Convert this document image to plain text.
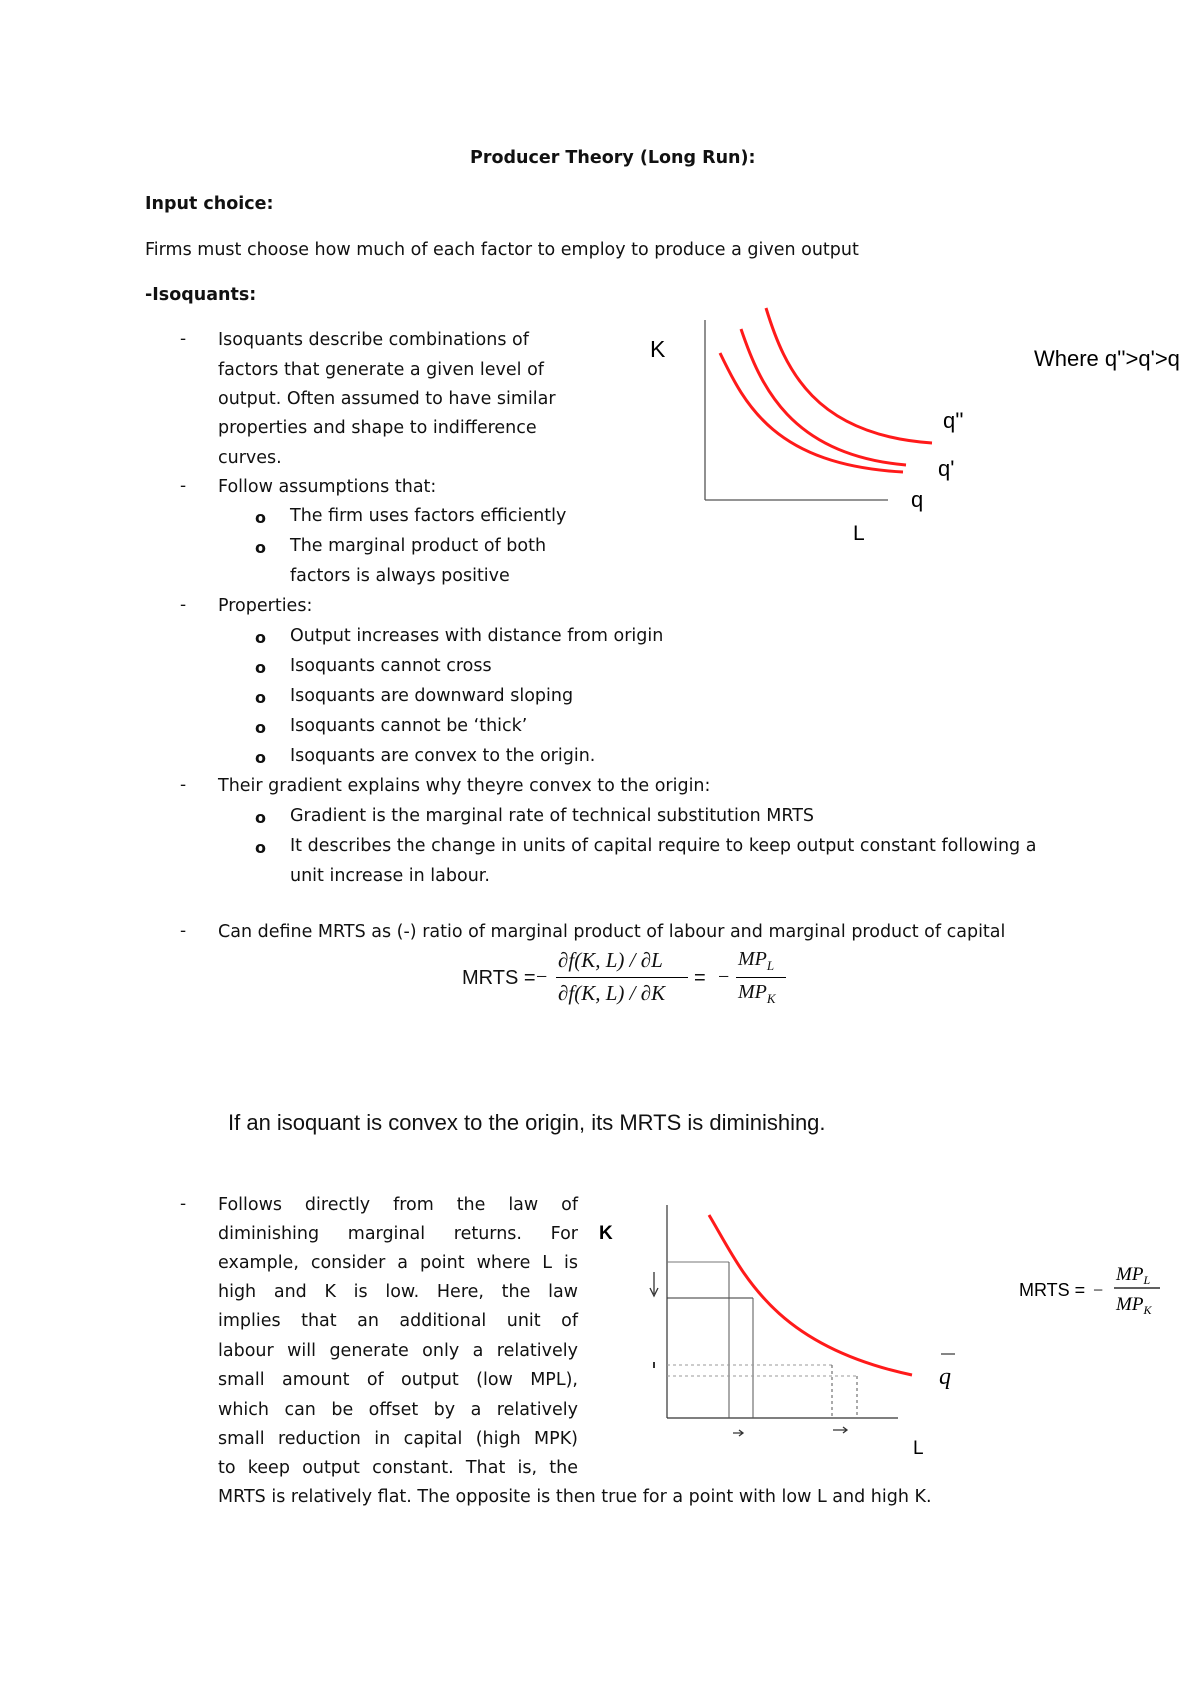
Producer Theory (Long Run):
Input choice:
Firms must choose how much of each factor to employ to produce a given output
-Isoquants:
- Isoquants describe combinations of
factors that generate a given level of
output. Often assumed to have similar
properties and shape to indifference
curves.
- Follow assumptions that:
o The firm uses factors efficiently
o The marginal product of both
factors is always positive
- Properties:
o Output increases with distance from origin
o Isoquants cannot cross
o Isoquants are downward sloping
o Isoquants cannot be ‘thick’
o Isoquants are convex to the origin.
- Their gradient explains why theyre convex to the origin:
o Gradient is the marginal rate of technical substitution MRTS
o It describes the change in units of capital require to keep output constant following a
unit increase in labour.
- Can define MRTS as (-) ratio of marginal product of labour and marginal product of capital
MRTS = −
∂f(K, L) / ∂L
∂f(K, L) / ∂K
= −
$MP_L$
$MP_K$
If an isoquant is convex to the origin, its MRTS is diminishing.
- Follows directly from the law of
diminishing marginal returns. For
example, consider a point where L is
high and K is low. Here, the law
implies that an additional unit of
labour will generate only a relatively
small amount of output (low MPL),
which can be offset by a relatively
small reduction in capital (high MPK)
to keep output constant. That is, the
MRTS is relatively flat. The opposite is then true for a point with low L and high K.
K
L
q''
q'
q
Where q''>q'>q
K
L
q
MRTS = −
$MP_L$
$MP_K$
